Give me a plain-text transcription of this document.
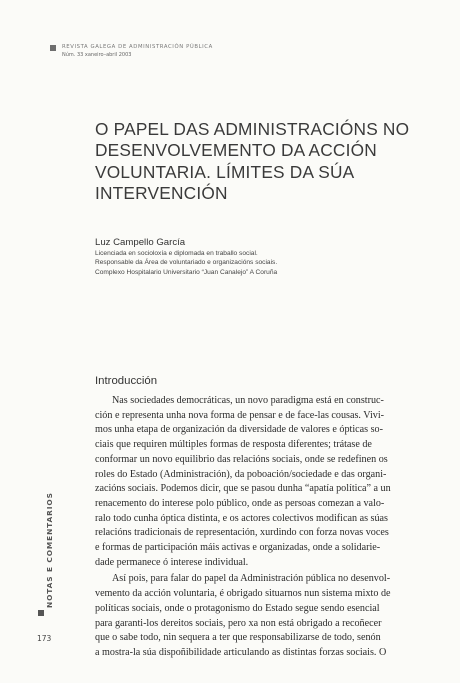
REVISTA GALEGA DE ADMINISTRACIÓN PÚBLICA
Núm. 33 xaneiro–abril 2003
O PAPEL DAS ADMINISTRACIÓNS NO
DESENVOLVEMENTO DA ACCIÓN
VOLUNTARIA. LÍMITES DA SÚA
INTERVENCIÓN
Luz Campello García
Licenciada en socioloxía e diplomada en traballo social.
Responsable da Área de voluntariado e organizacións sociais.
Complexo Hospitalario Universitario “Juan Canalejo” A Coruña
Introducción
Nas sociedades democráticas, un novo paradigma está en construc-
ción e representa unha nova forma de pensar e de face-las cousas. Vivi-
mos unha etapa de organización da diversidade de valores e ópticas so-
ciais que requiren múltiples formas de resposta diferentes; trátase de
conformar un novo equilibrio das relacións sociais, onde se redefinen os
roles do Estado (Administración), da poboación/sociedade e das organi-
zacións sociais. Podemos dicir, que se pasou dunha “apatía política” a un
renacemento do interese polo público, onde as persoas comezan a valo-
ralo todo cunha óptica distinta, e os actores colectivos modifican as súas
relacións tradicionais de representación, xurdindo con forza novas voces
e formas de participación máis activas e organizadas, onde a solidarie-
dade permanece ó interese individual.
Así pois, para falar do papel da Administración pública no desenvol-
vemento da acción voluntaria, é obrigado situarnos nun sistema mixto de
políticas sociais, onde o protagonismo do Estado segue sendo esencial
para garanti-los dereitos sociais, pero xa non está obrigado a recoñecer
que o sabe todo, nin sequera a ter que responsabilizarse de todo, senón
a mostra-la súa dispoñibilidade articulando as distintas forzas sociais. O
NOTAS E COMENTARIOS
173
